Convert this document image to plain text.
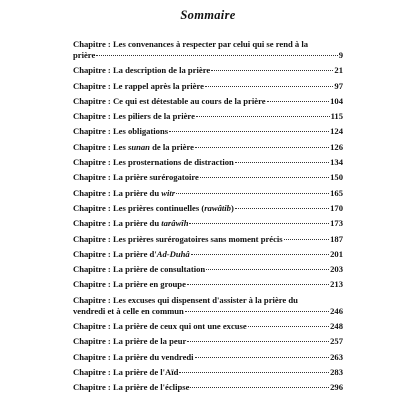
Sommaire
Chapitre : Les convenances à respecter par celui qui se rend à la
prière	9
Chapitre : La description de la prière	21
Chapitre : Le rappel après la prière	97
Chapitre : Ce qui est détestable au cours de la prière	104
Chapitre : Les piliers de la prière	115
Chapitre : Les obligations	124
Chapitre : Les sunan de la prière	126
Chapitre : Les prosternations de distraction	134
Chapitre : La prière surérogatoire	150
Chapitre : La prière du witr	165
Chapitre : Les prières continuelles (rawâtib)	170
Chapitre : La prière du tarâwîh	173
Chapitre : Les prières surérogatoires sans moment précis	187
Chapitre : La prière d'Ad-Duhâ	201
Chapitre : La prière de consultation	203
Chapitre : La prière en groupe	213
Chapitre : Les excuses qui dispensent d'assister à la prière du
vendredi et à celle en commun	246
Chapitre : La prière de ceux qui ont une excuse	248
Chapitre : La prière de la peur	257
Chapitre : La prière du vendredi	263
Chapitre : La prière de l'Aïd	283
Chapitre : La prière de l'éclipse	296
